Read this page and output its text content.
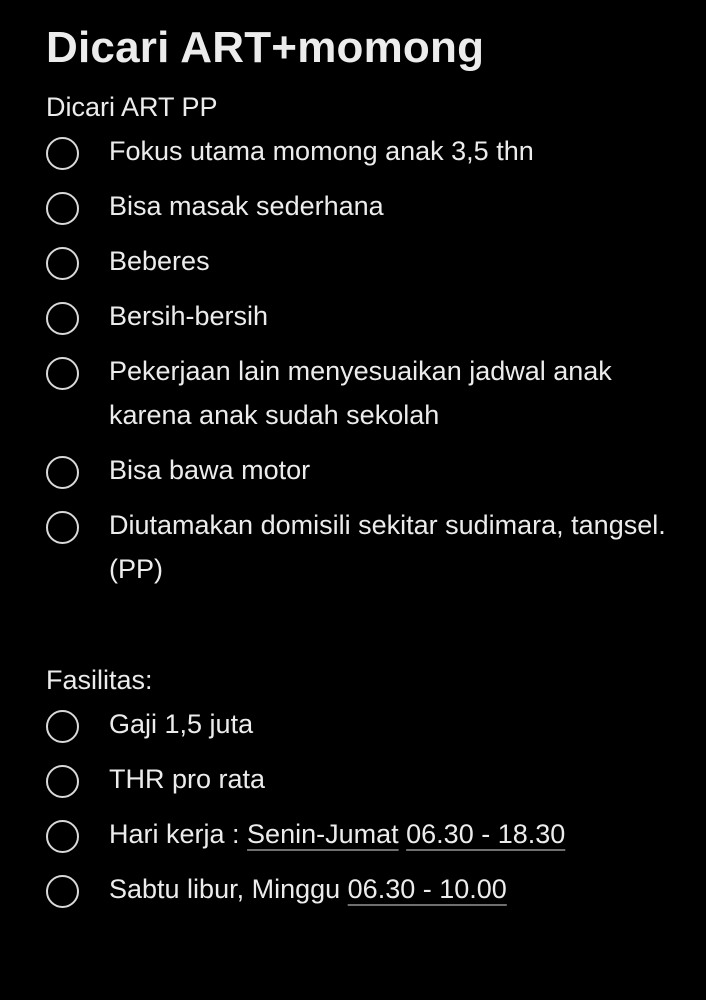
Dicari ART+momong
Dicari ART PP
Fokus utama momong anak 3,5 thn
Bisa masak sederhana
Beberes
Bersih-bersih
Pekerjaan lain menyesuaikan jadwal anak karena anak sudah sekolah
Bisa bawa motor
Diutamakan domisili sekitar sudimara, tangsel. (PP)
Fasilitas:
Gaji 1,5 juta
THR pro rata
Hari kerja : Senin-Jumat 06.30 - 18.30
Sabtu libur, Minggu 06.30 - 10.00
